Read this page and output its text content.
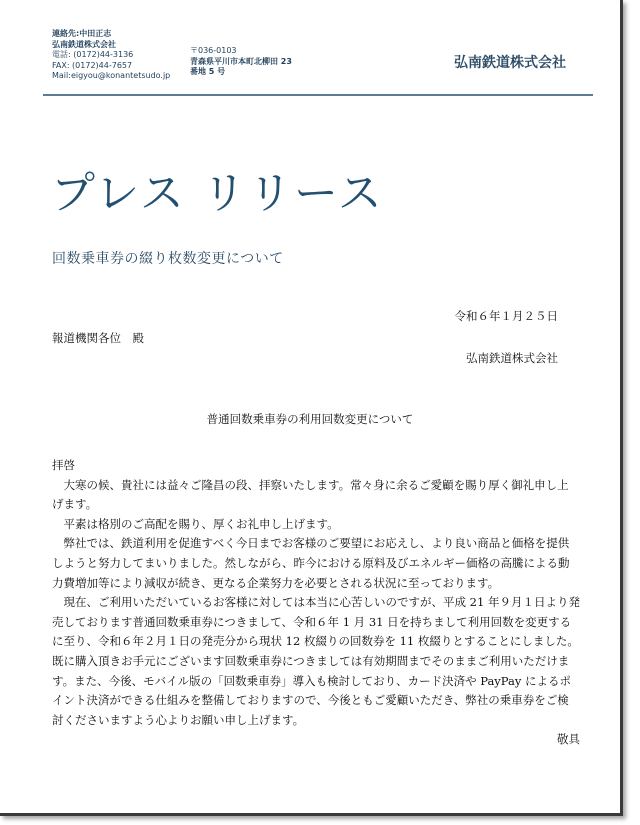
連絡先:中田正志
弘南鉄道株式会社
電話: (0172)44-3136
FAX: (0172)44-7657
Mail:eigyou@konantetsudo.jp
〒036-0103
青森県平川市本町北柳田 23
番地 5 号
弘南鉄道株式会社
プレス リリース
回数乗車券の綴り枚数変更について
令和６年１月２５日
報道機関各位　殿
弘南鉄道株式会社
普通回数乗車券の利用回数変更について

拝啓

大寒の候、貴社には益々ご隆昌の段、拝察いたします。常々身に余るご愛顧を賜り厚く御礼申し上げます。

平素は格別のご高配を賜り、厚くお礼申し上げます。

弊社では、鉄道利用を促進すべく今日までお客様のご要望にお応えし、より良い商品と価格を提供しようと努力してまいりました。然しながら、昨今における原料及びエネルギー価格の高騰による動力費増加等により減収が続き、更なる企業努力を必要とされる状況に至っております。

現在、ご利用いただいているお客様に対しては本当に心苦しいのですが、平成 21 年９月１日より発売しております普通回数乗車券につきまして、令和６年 1 月 31 日を持ちまして利用回数を変更するに至り、令和６年２月１日の発売分から現状 12 枚綴りの回数券を 11 枚綴りとすることにしました。既に購入頂きお手元にございます回数乗車券につきましては有効期間までそのままご利用いただけます。また、今後、モバイル版の「回数乗車券」導入も検討しており、カード決済や PayPay によるポイント決済ができる仕組みを整備しておりますので、今後ともご愛顧いただき、弊社の乗車券をご検討くださいますよう心よりお願い申し上げます。

敬具
